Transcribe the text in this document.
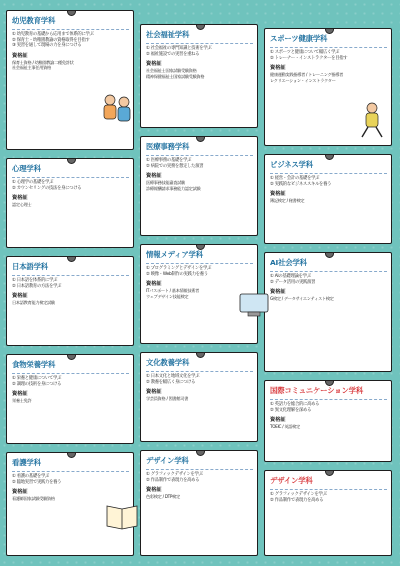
幼児教育学科
① 幼児教育の基礎から応用まで体系的に学ぶ
② 保育士・幼稚園教諭の資格取得を目指す
③ 実習を通して現場の力を身につける
資格証

保育士資格 / 幼稚園教諭二種免許状

社会福祉主事任用資格

心理学科
① 心理学の基礎を学ぶ
② カウンセリングの技法を身につける
資格証

認定心理士

日本語学科
① 日本語を体系的に学ぶ
② 日本語教育の方法を学ぶ
資格証

日本語教育能力検定試験

食物栄養学科
① 栄養と健康について学ぶ
② 調理の技術を身につける
資格証

栄養士免許

看護学科
① 看護の基礎を学ぶ
② 臨地実習で実践力を養う
資格証

看護師国家試験受験資格

社会福祉学科
① 社会福祉の専門知識と技術を学ぶ
② 福祉施設での実習を重ねる
資格証

社会福祉士国家試験受験資格

精神保健福祉士国家試験受験資格

医療事務学科
① 医療事務の基礎を学ぶ
② 病院での実務を想定した演習
資格証

医療事務技能審査試験

診療報酬請求事務能力認定試験

情報メディア学科
① プログラミングとデザインを学ぶ
② 映像・Web制作の実践力を養う
資格証

ITパスポート / 基本情報技術者

ウェブデザイン技能検定

文化教養学科
① 日本文化と地域文化を学ぶ
② 教養を幅広く身につける
資格証

学芸員資格 / 図書館司書

デザイン学科
① グラフィックデザインを学ぶ
② 作品制作で表現力を高める
資格証

色彩検定 / DTP検定

スポーツ健康学科
① スポーツと健康について幅広く学ぶ
② トレーナー・インストラクターを目指す
資格証

健康運動実践指導者 / トレーニング指導者

レクリエーション・インストラクター

ビジネス学科
① 経営・会計の基礎を学ぶ
② 実践的なビジネススキルを養う
資格証

簿記検定 / 秘書検定

AI社会学科
① AIの基礎理論を学ぶ
② データ活用の実践演習
資格証

G検定 / データサイエンティスト検定

国際コミュニケーション学科
① 英語力を総合的に高める
② 異文化理解を深める
資格証

TOEIC / 英語検定

デザイン学科
① グラフィックデザインを学ぶ
② 作品制作で表現力を高める
